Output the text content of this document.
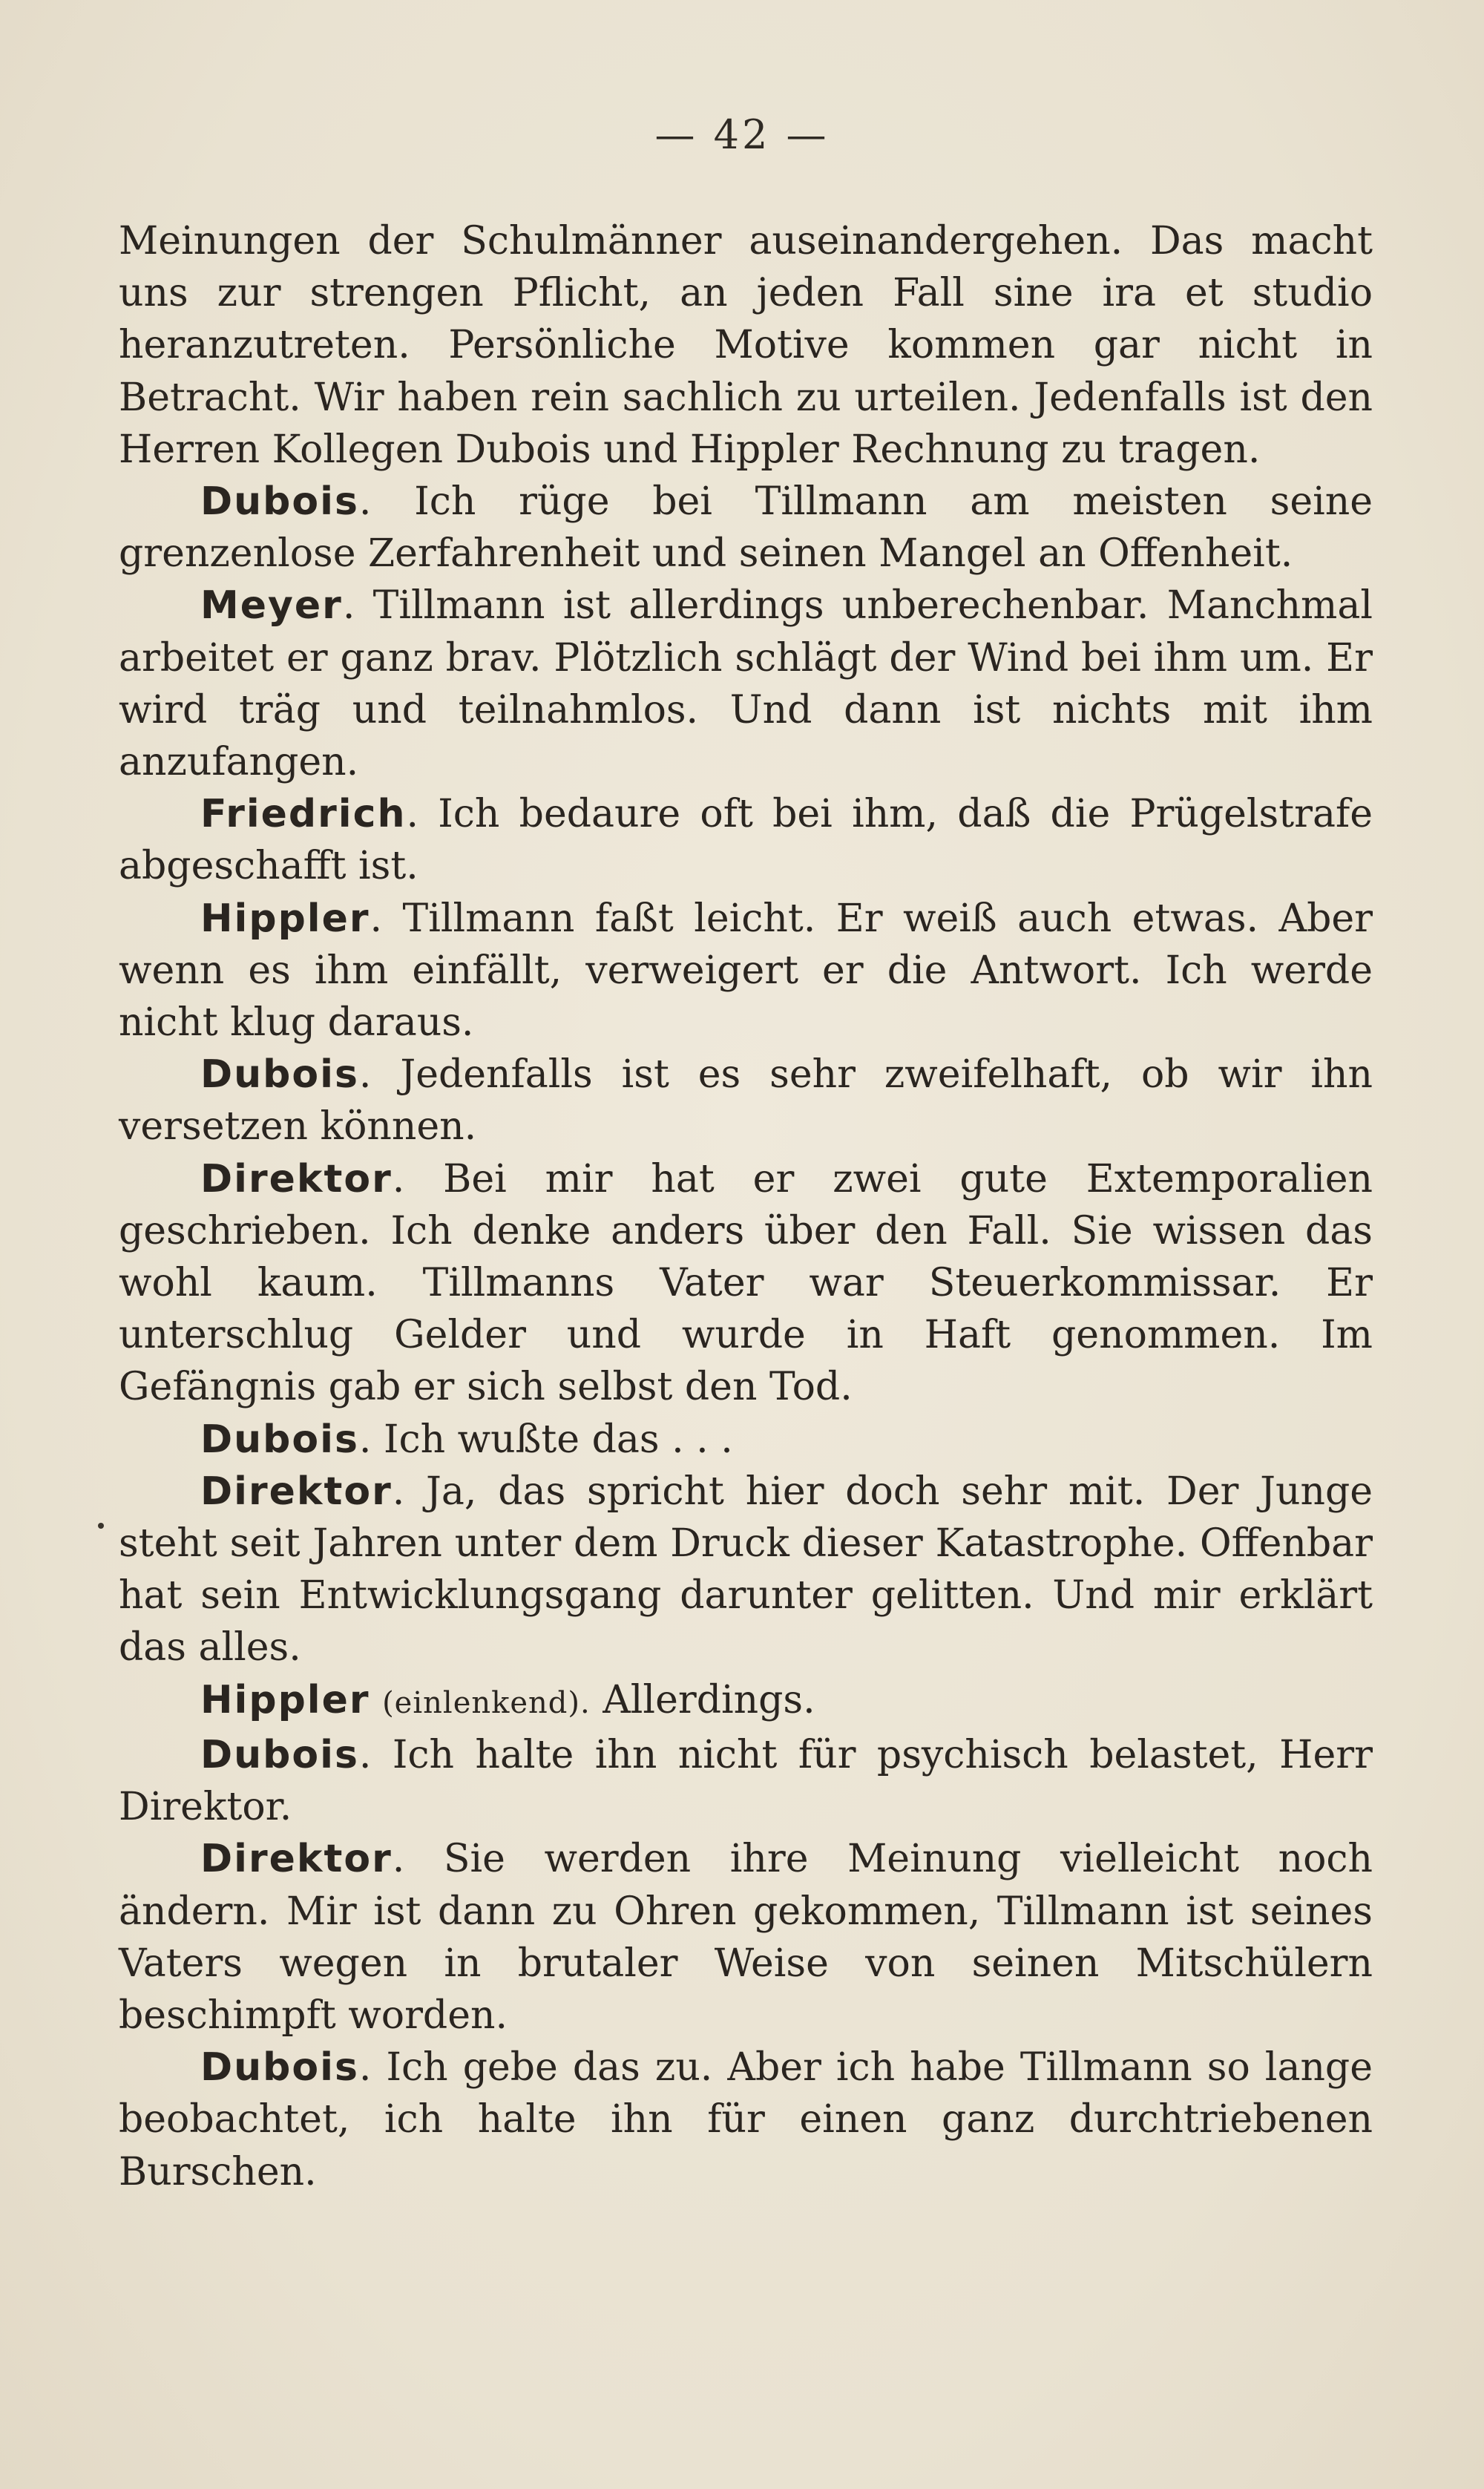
— 42 —

Meinungen der Schulmänner auseinandergehen. Das macht uns zur strengen Pflicht, an jeden Fall sine ira et studio heranzutreten. Persönliche Motive kommen gar nicht in Betracht. Wir haben rein sachlich zu urteilen. Jedenfalls ist den Herren Kollegen Dubois und Hippler Rechnung zu tragen.

Dubois. Ich rüge bei Tillmann am meisten seine grenzenlose Zerfahrenheit und seinen Mangel an Offenheit.

Meyer. Tillmann ist allerdings unberechenbar. Manchmal arbeitet er ganz brav. Plötzlich schlägt der Wind bei ihm um. Er wird träg und teilnahmlos. Und dann ist nichts mit ihm anzufangen.

Friedrich. Ich bedaure oft bei ihm, daß die Prügelstrafe abgeschafft ist.

Hippler. Tillmann faßt leicht. Er weiß auch etwas. Aber wenn es ihm einfällt, verweigert er die Antwort. Ich werde nicht klug daraus.

Dubois. Jedenfalls ist es sehr zweifelhaft, ob wir ihn versetzen können.

Direktor. Bei mir hat er zwei gute Extemporalien geschrieben. Ich denke anders über den Fall. Sie wissen das wohl kaum. Tillmanns Vater war Steuerkommissar. Er unterschlug Gelder und wurde in Haft genommen. Im Gefängnis gab er sich selbst den Tod.

Dubois. Ich wußte das . . .

Direktor. Ja, das spricht hier doch sehr mit. Der Junge steht seit Jahren unter dem Druck dieser Katastrophe. Offenbar hat sein Entwicklungsgang darunter gelitten. Und mir erklärt das alles.

Hippler (einlenkend). Allerdings.

Dubois. Ich halte ihn nicht für psychisch belastet, Herr Direktor.

Direktor. Sie werden ihre Meinung vielleicht noch ändern. Mir ist dann zu Ohren gekommen, Tillmann ist seines Vaters wegen in brutaler Weise von seinen Mitschülern beschimpft worden.

Dubois. Ich gebe das zu. Aber ich habe Tillmann so lange beobachtet, ich halte ihn für einen ganz durchtriebenen Burschen.
